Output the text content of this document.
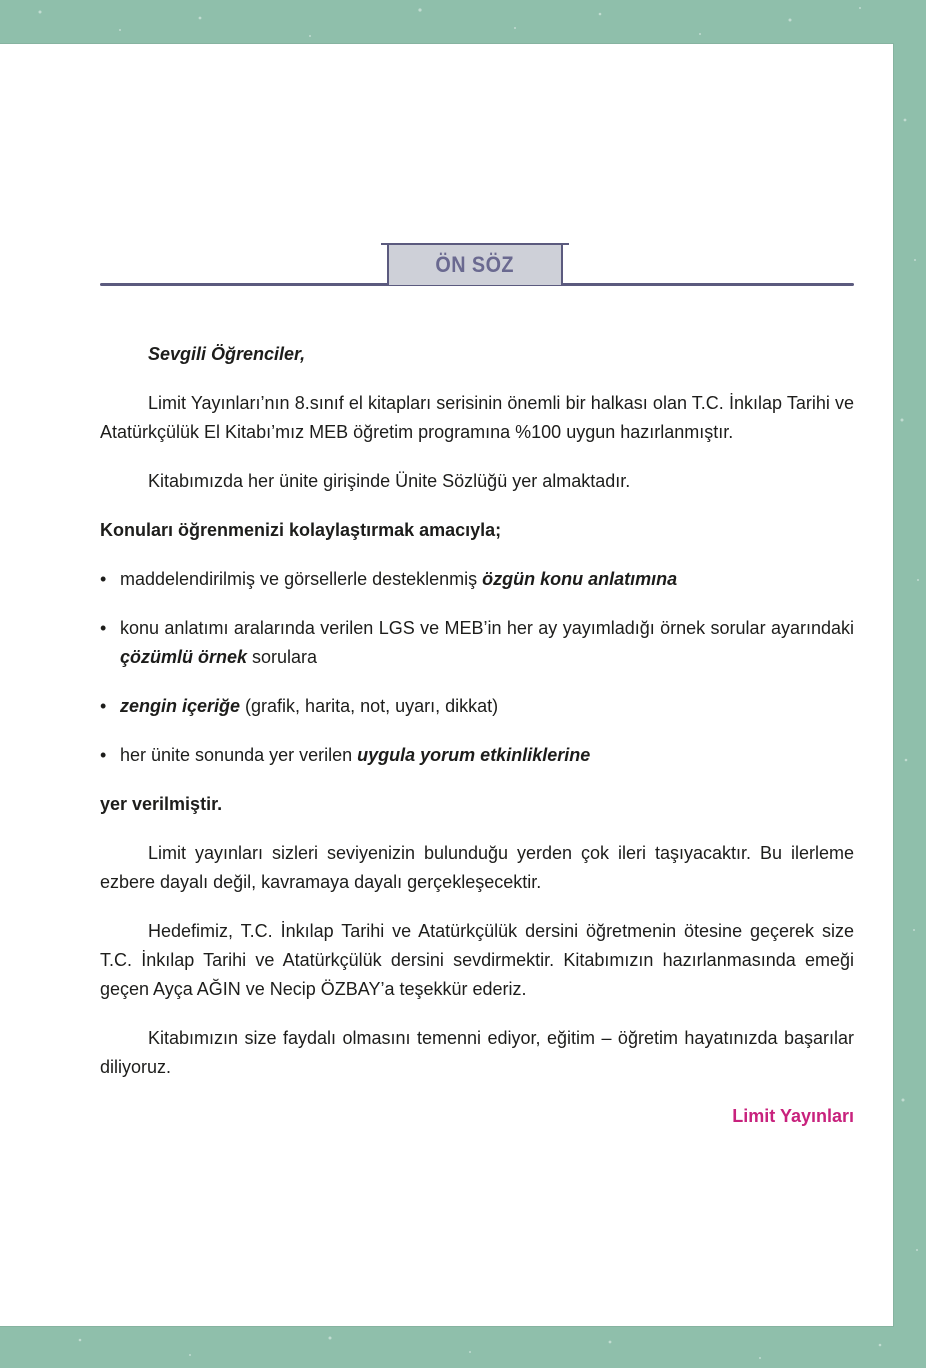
ÖN SÖZ

Sevgili Öğrenciler,

Limit Yayınları’nın 8.sınıf el kitapları serisinin önemli bir halkası olan T.C. İnkılap Tarihi ve Atatürkçülük El Kitabı’mız MEB öğretim programına %100 uygun hazırlanmıştır.

Kitabımızda her ünite girişinde Ünite Sözlüğü yer almaktadır.

Konuları öğrenmenizi kolaylaştırmak amacıyla;

• maddelendirilmiş ve görsellerle desteklenmiş özgün konu anlatımına
• konu anlatımı aralarında verilen LGS ve MEB’in her ay yayımladığı örnek sorular ayarındaki çözümlü örnek sorulara
• zengin içeriğe (grafik, harita, not, uyarı, dikkat)
• her ünite sonunda yer verilen uygula yorum etkinliklerine

yer verilmiştir.

Limit yayınları sizleri seviyenizin bulunduğu yerden çok ileri taşıyacaktır. Bu ilerleme ezbere dayalı değil, kavramaya dayalı gerçekleşecektir.

Hedefimiz, T.C. İnkılap Tarihi ve Atatürkçülük dersini öğretmenin ötesine geçerek size T.C. İnkılap Tarihi ve Atatürkçülük dersini sevdirmektir. Kitabımızın hazırlanmasında emeği geçen Ayça AĞIN ve Necip ÖZBAY’a teşekkür ederiz.

Kitabımızın size faydalı olmasını temenni ediyor, eğitim – öğretim hayatınızda başarılar diliyoruz.

Limit Yayınları
